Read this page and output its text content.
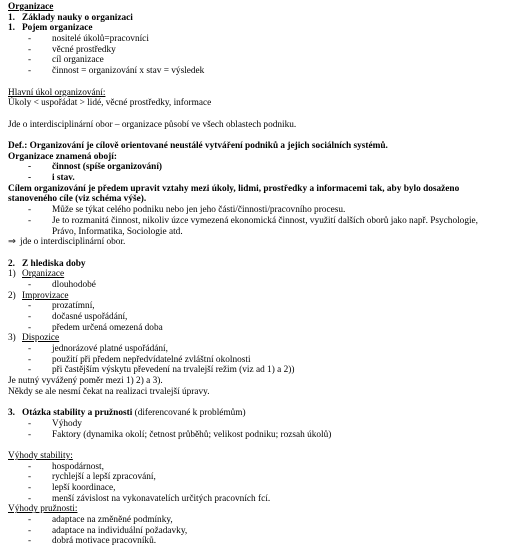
Organizace
1. Základy nauky o organizaci
1. Pojem organizace
- nositelé úkolů=pracovníci
- věcné prostředky
- cíl organizace
- činnost = organizování x stav = výsledek
Hlavní úkol organizování:
Úkoly < uspořádat > lidé, věcné prostředky, informace
Jde o interdisciplinární obor – organizace působí ve všech oblastech podniku.
Def.: Organizování je cílově orientované neustálé vytváření podniků a jejich sociálních systémů.
Organizace znamená obojí:
- činnost (spíše organizování)
- i stav.
Cílem organizování je předem upravit vztahy mezi úkoly, lidmi, prostředky a informacemi tak, aby bylo dosaženo stanoveného cíle (viz schéma výše).
- Může se týkat celého podniku nebo jen jeho části/činnosti/pracovního procesu.
- Je to rozmanitá činnost, nikoliv úzce vymezená ekonomická činnost, využití dalších oborů jako např. Psychologie, Právo, Informatika, Sociologie atd.
⇒ jde o interdisciplinární obor.
2. Z hlediska doby
1) Organizace
- dlouhodobé
2) Improvizace
- prozatímní,
- dočasné uspořádání,
- předem určená omezená doba
3) Dispozice
- jednorázové platné uspořádání,
- použití při předem nepředvídatelné zvláštní okolnosti
- při častějším výskytu převedení na trvalejší režim (viz ad 1) a 2))
Je nutný vyvážený poměr mezi 1) 2) a 3).
Někdy se ale nesmí čekat na realizaci trvalejší úpravy.
3. Otázka stability a pružnosti (diferencované k problémům)
- Výhody
- Faktory (dynamika okolí; četnost průběhů; velikost podniku; rozsah úkolů)
Výhody stability:
- hospodárnost,
- rychlejší a lepší zpracování,
- lepší koordinace,
- menší závislost na vykonavatelích určitých pracovních fcí.
Výhody pružnosti:
- adaptace na změněné podmínky,
- adaptace na individuální požadavky,
- dobrá motivace pracovníků.
